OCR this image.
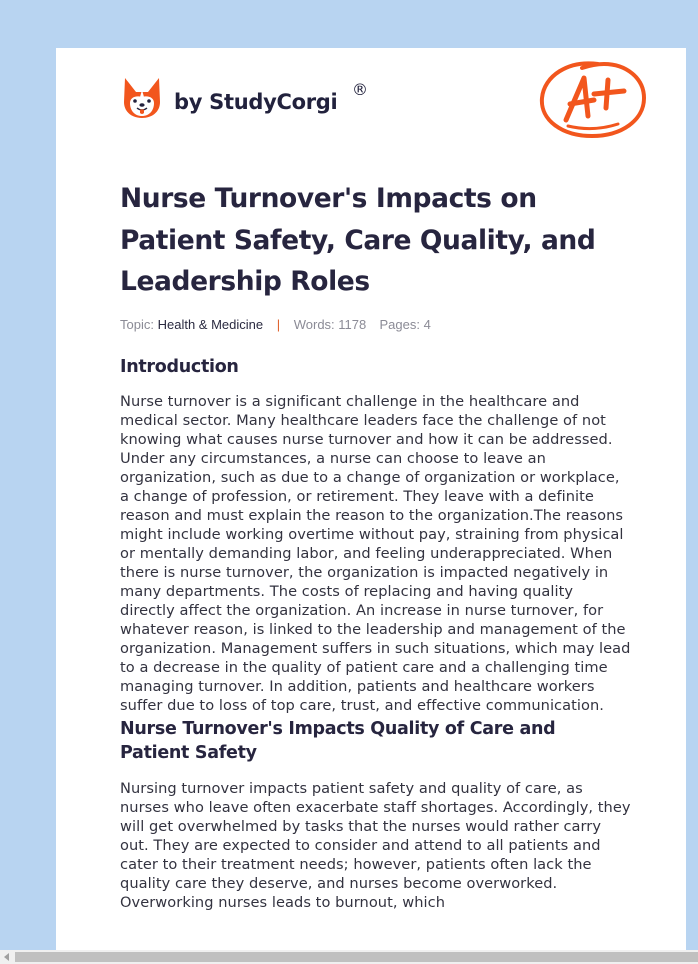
by StudyCorgi
®
Nurse Turnover's Impacts on Patient Safety, Care Quality, and Leadership Roles
Topic: Health & Medicine | Words: 1178 Pages: 4
Introduction

Nurse turnover is a significant challenge in the healthcare and medical sector. Many healthcare leaders face the challenge of not knowing what causes nurse turnover and how it can be addressed. Under any circumstances, a nurse can choose to leave an organization, such as due to a change of organization or workplace, a change of profession, or retirement. They leave with a definite reason and must explain the reason to the organization.The reasons might include working overtime without pay, straining from physical or mentally demanding labor, and feeling underappreciated. When there is nurse turnover, the organization is impacted negatively in many departments. The costs of replacing and having quality directly affect the organization. An increase in nurse turnover, for whatever reason, is linked to the leadership and management of the organization. Management suffers in such situations, which may lead to a decrease in the quality of patient care and a challenging time managing turnover. In addition, patients and healthcare workers suffer due to loss of top care, trust, and effective communication.

Nurse Turnover's Impacts Quality of Care and Patient Safety

Nursing turnover impacts patient safety and quality of care, as nurses who leave often exacerbate staff shortages. Accordingly, they will get overwhelmed by tasks that the nurses would rather carry out. They are expected to consider and attend to all patients and cater to their treatment needs; however, patients often lack the quality care they deserve, and nurses become overworked. Overworking nurses leads to burnout, which
